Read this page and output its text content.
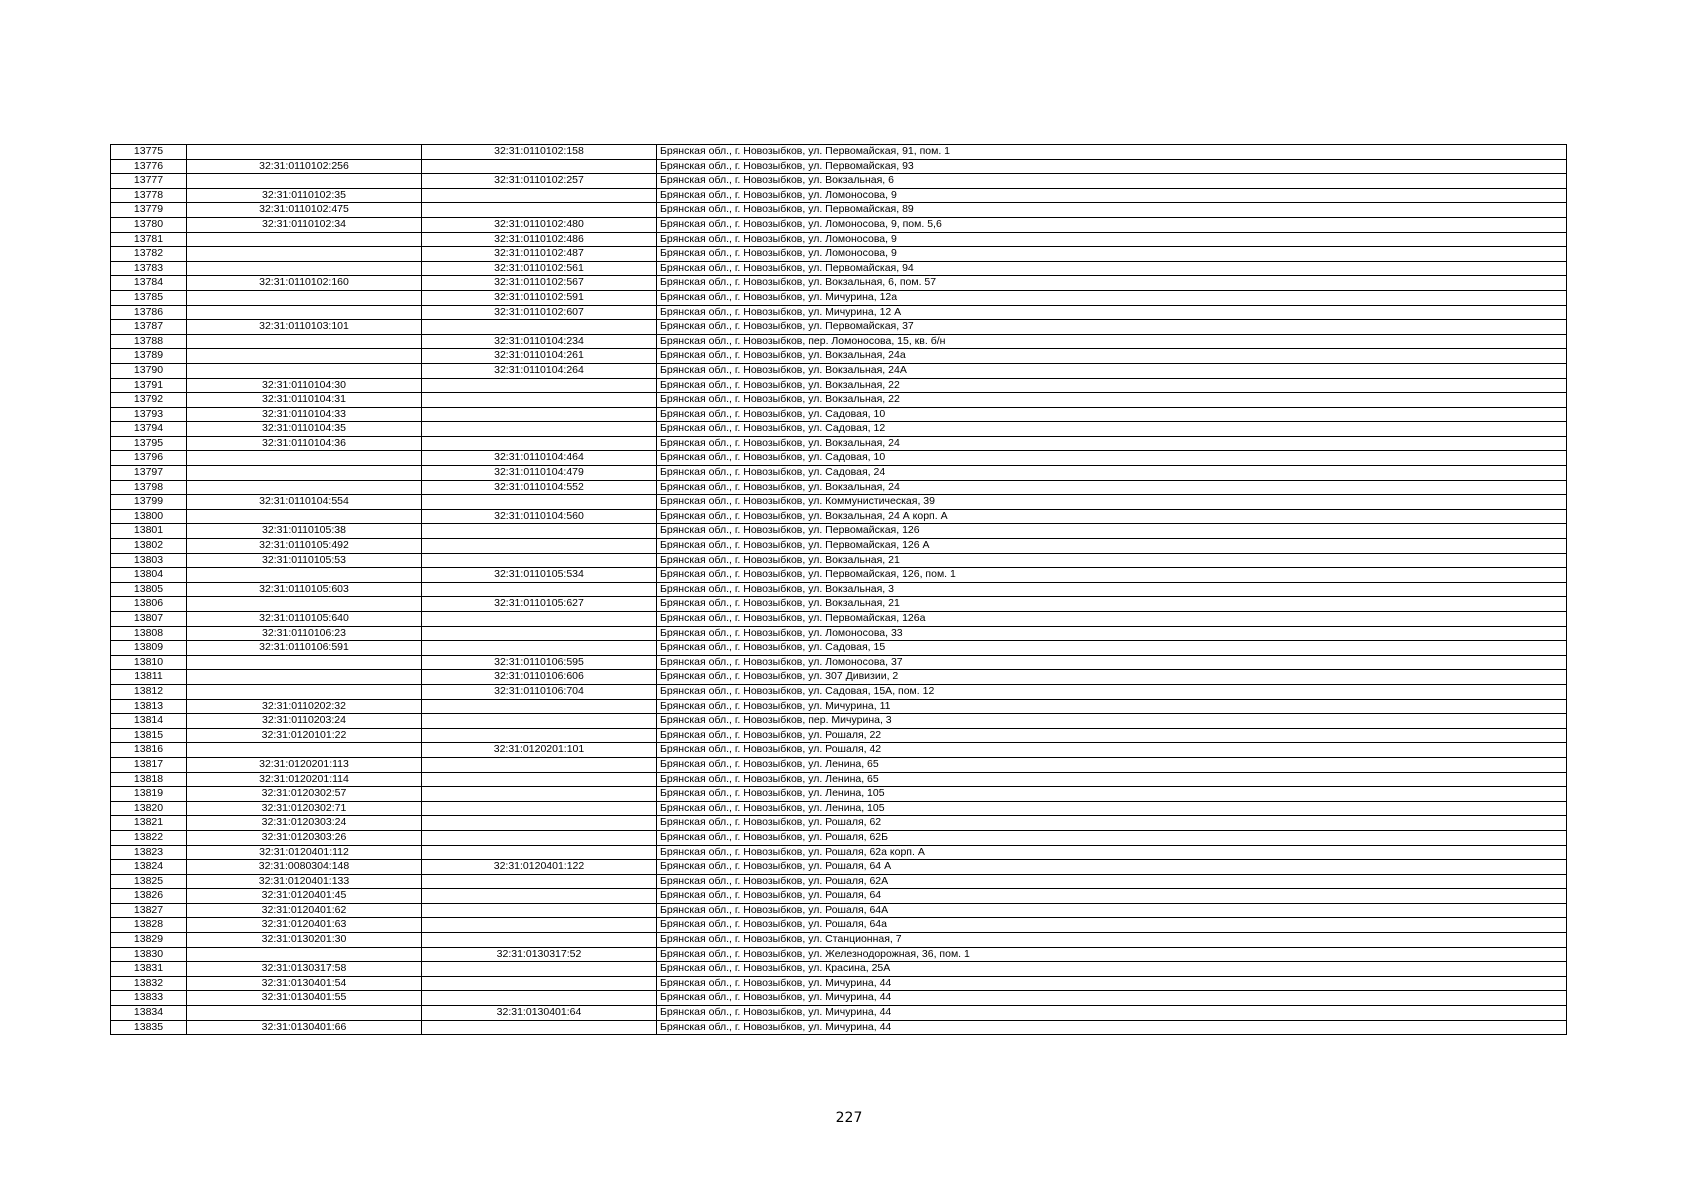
13775		32:31:0110102:158	Брянская обл., г. Новозыбков, ул. Первомайская, 91, пом. 1
13776	32:31:0110102:256		Брянская обл., г. Новозыбков, ул. Первомайская, 93
13777		32:31:0110102:257	Брянская обл., г. Новозыбков, ул. Вокзальная, 6
13778	32:31:0110102:35		Брянская обл., г. Новозыбков, ул. Ломоносова, 9
13779	32:31:0110102:475		Брянская обл., г. Новозыбков, ул. Первомайская, 89
13780	32:31:0110102:34	32:31:0110102:480	Брянская обл., г. Новозыбков, ул. Ломоносова, 9, пом. 5,6
13781		32:31:0110102:486	Брянская обл., г. Новозыбков, ул. Ломоносова, 9
13782		32:31:0110102:487	Брянская обл., г. Новозыбков, ул. Ломоносова, 9
13783		32:31:0110102:561	Брянская обл., г. Новозыбков, ул. Первомайская, 94
13784	32:31:0110102:160	32:31:0110102:567	Брянская обл., г. Новозыбков, ул. Вокзальная, 6, пом. 57
13785		32:31:0110102:591	Брянская обл., г. Новозыбков, ул. Мичурина, 12а
13786		32:31:0110102:607	Брянская обл., г. Новозыбков, ул. Мичурина, 12 А
13787	32:31:0110103:101		Брянская обл., г. Новозыбков, ул. Первомайская, 37
13788		32:31:0110104:234	Брянская обл., г. Новозыбков, пер. Ломоносова, 15, кв. б/н
13789		32:31:0110104:261	Брянская обл., г. Новозыбков, ул. Вокзальная, 24а
13790		32:31:0110104:264	Брянская обл., г. Новозыбков, ул. Вокзальная, 24А
13791	32:31:0110104:30		Брянская обл., г. Новозыбков, ул. Вокзальная, 22
13792	32:31:0110104:31		Брянская обл., г. Новозыбков, ул. Вокзальная, 22
13793	32:31:0110104:33		Брянская обл., г. Новозыбков, ул. Садовая, 10
13794	32:31:0110104:35		Брянская обл., г. Новозыбков, ул. Садовая, 12
13795	32:31:0110104:36		Брянская обл., г. Новозыбков, ул. Вокзальная, 24
13796		32:31:0110104:464	Брянская обл., г. Новозыбков, ул. Садовая, 10
13797		32:31:0110104:479	Брянская обл., г. Новозыбков, ул. Садовая, 24
13798		32:31:0110104:552	Брянская обл., г. Новозыбков, ул. Вокзальная, 24
13799	32:31:0110104:554		Брянская обл., г. Новозыбков, ул. Коммунистическая, 39
13800		32:31:0110104:560	Брянская обл., г. Новозыбков, ул. Вокзальная, 24 А корп. А
13801	32:31:0110105:38		Брянская обл., г. Новозыбков, ул. Первомайская, 126
13802	32:31:0110105:492		Брянская обл., г. Новозыбков, ул. Первомайская, 126 А
13803	32:31:0110105:53		Брянская обл., г. Новозыбков, ул. Вокзальная, 21
13804		32:31:0110105:534	Брянская обл., г. Новозыбков, ул. Первомайская, 126, пом. 1
13805	32:31:0110105:603		Брянская обл., г. Новозыбков, ул. Вокзальная, 3
13806		32:31:0110105:627	Брянская обл., г. Новозыбков, ул. Вокзальная, 21
13807	32:31:0110105:640		Брянская обл., г. Новозыбков, ул. Первомайская, 126а
13808	32:31:0110106:23		Брянская обл., г. Новозыбков, ул. Ломоносова, 33
13809	32:31:0110106:591		Брянская обл., г. Новозыбков, ул. Садовая, 15
13810		32:31:0110106:595	Брянская обл., г. Новозыбков, ул. Ломоносова, 37
13811		32:31:0110106:606	Брянская обл., г. Новозыбков, ул. 307 Дивизии, 2
13812		32:31:0110106:704	Брянская обл., г. Новозыбков, ул. Садовая, 15А, пом. 12
13813	32:31:0110202:32		Брянская обл., г. Новозыбков, ул. Мичурина, 11
13814	32:31:0110203:24		Брянская обл., г. Новозыбков, пер. Мичурина, 3
13815	32:31:0120101:22		Брянская обл., г. Новозыбков, ул. Рошаля, 22
13816		32:31:0120201:101	Брянская обл., г. Новозыбков, ул. Рошаля, 42
13817	32:31:0120201:113		Брянская обл., г. Новозыбков, ул. Ленина, 65
13818	32:31:0120201:114		Брянская обл., г. Новозыбков, ул. Ленина, 65
13819	32:31:0120302:57		Брянская обл., г. Новозыбков, ул. Ленина, 105
13820	32:31:0120302:71		Брянская обл., г. Новозыбков, ул. Ленина, 105
13821	32:31:0120303:24		Брянская обл., г. Новозыбков, ул. Рошаля, 62
13822	32:31:0120303:26		Брянская обл., г. Новозыбков, ул. Рошаля, 62Б
13823	32:31:0120401:112		Брянская обл., г. Новозыбков, ул. Рошаля, 62а корп. А
13824	32:31:0080304:148	32:31:0120401:122	Брянская обл., г. Новозыбков, ул. Рошаля, 64 А
13825	32:31:0120401:133		Брянская обл., г. Новозыбков, ул. Рошаля, 62А
13826	32:31:0120401:45		Брянская обл., г. Новозыбков, ул. Рошаля, 64
13827	32:31:0120401:62		Брянская обл., г. Новозыбков, ул. Рошаля, 64А
13828	32:31:0120401:63		Брянская обл., г. Новозыбков, ул. Рошаля, 64а
13829	32:31:0130201:30		Брянская обл., г. Новозыбков, ул. Станционная, 7
13830		32:31:0130317:52	Брянская обл., г. Новозыбков, ул. Железнодорожная, 36, пом. 1
13831	32:31:0130317:58		Брянская обл., г. Новозыбков, ул. Красина, 25А
13832	32:31:0130401:54		Брянская обл., г. Новозыбков, ул. Мичурина, 44
13833	32:31:0130401:55		Брянская обл., г. Новозыбков, ул. Мичурина, 44
13834		32:31:0130401:64	Брянская обл., г. Новозыбков, ул. Мичурина, 44
13835	32:31:0130401:66		Брянская обл., г. Новозыбков, ул. Мичурина, 44
227
